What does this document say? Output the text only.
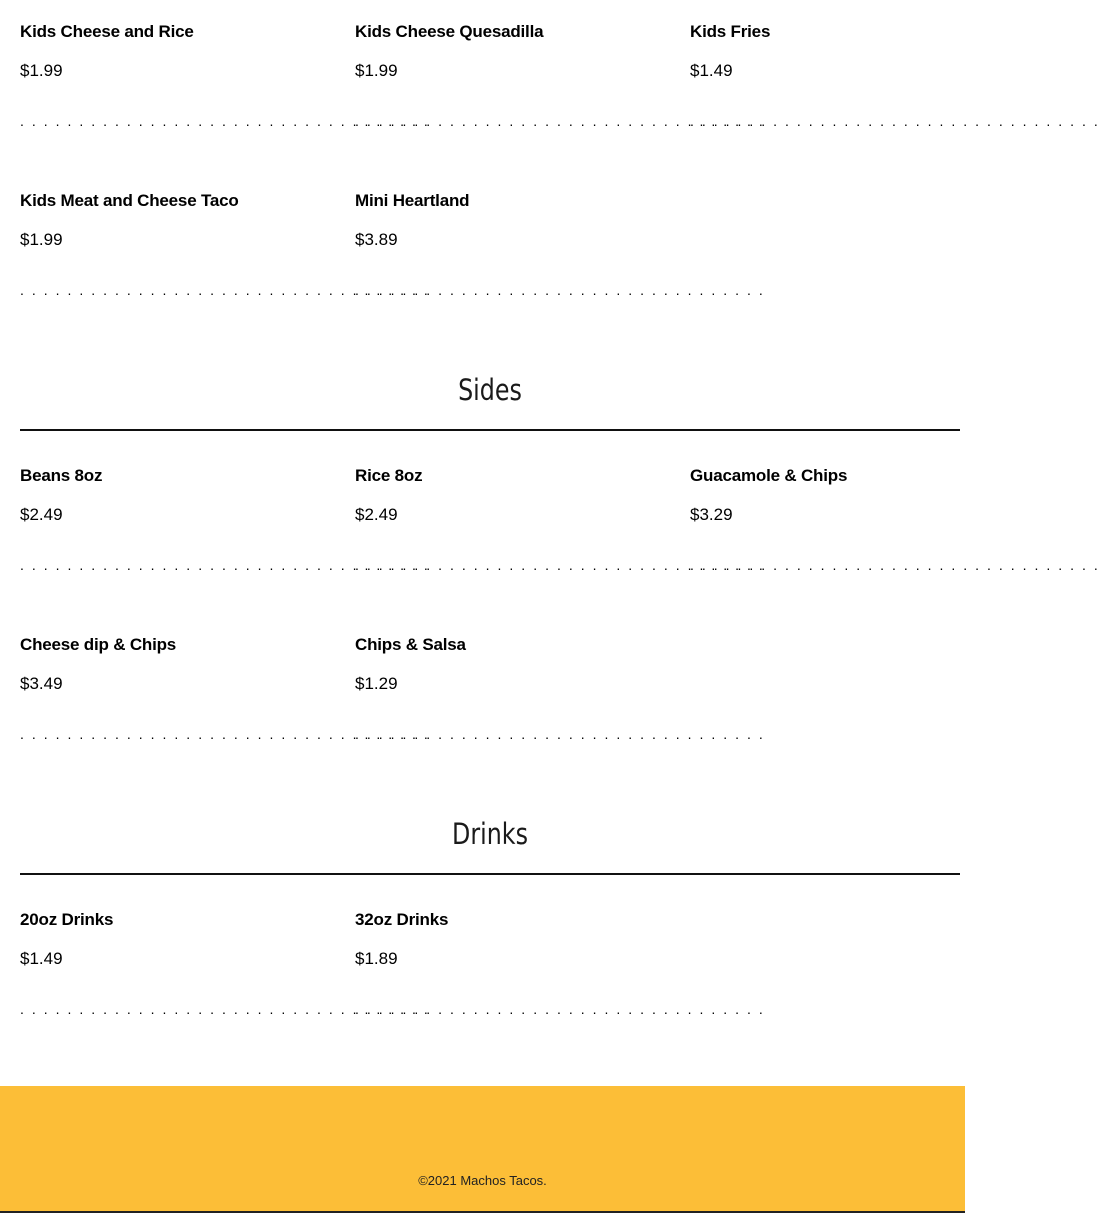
Kids Cheese and Rice
$1.99
. . . . . . . . . . . . . . . . . . . . . . . . . . . . . . . . . . .
Kids Cheese Quesadilla
$1.99
. . . . . . . . . . . . . . . . . . . . . . . . . . . . . . . . . . .
Kids Fries
$1.49
. . . . . . . . . . . . . . . . . . . . . . . . . . . . . . . . . . .
Kids Meat and Cheese Taco
$1.99
. . . . . . . . . . . . . . . . . . . . . . . . . . . . . . . . . . .
Mini Heartland
$3.89
. . . . . . . . . . . . . . . . . . . . . . . . . . . . . . . . . . .
Sides
Beans 8oz
$2.49
. . . . . . . . . . . . . . . . . . . . . . . . . . . . . . . . . . .
Rice 8oz
$2.49
. . . . . . . . . . . . . . . . . . . . . . . . . . . . . . . . . . .
Guacamole & Chips
$3.29
. . . . . . . . . . . . . . . . . . . . . . . . . . . . . . . . . . .
Cheese dip & Chips
$3.49
. . . . . . . . . . . . . . . . . . . . . . . . . . . . . . . . . . .
Chips & Salsa
$1.29
. . . . . . . . . . . . . . . . . . . . . . . . . . . . . . . . . . .
Drinks
20oz Drinks
$1.49
. . . . . . . . . . . . . . . . . . . . . . . . . . . . . . . . . . .
32oz Drinks
$1.89
. . . . . . . . . . . . . . . . . . . . . . . . . . . . . . . . . . .
©2021 Machos Tacos.
